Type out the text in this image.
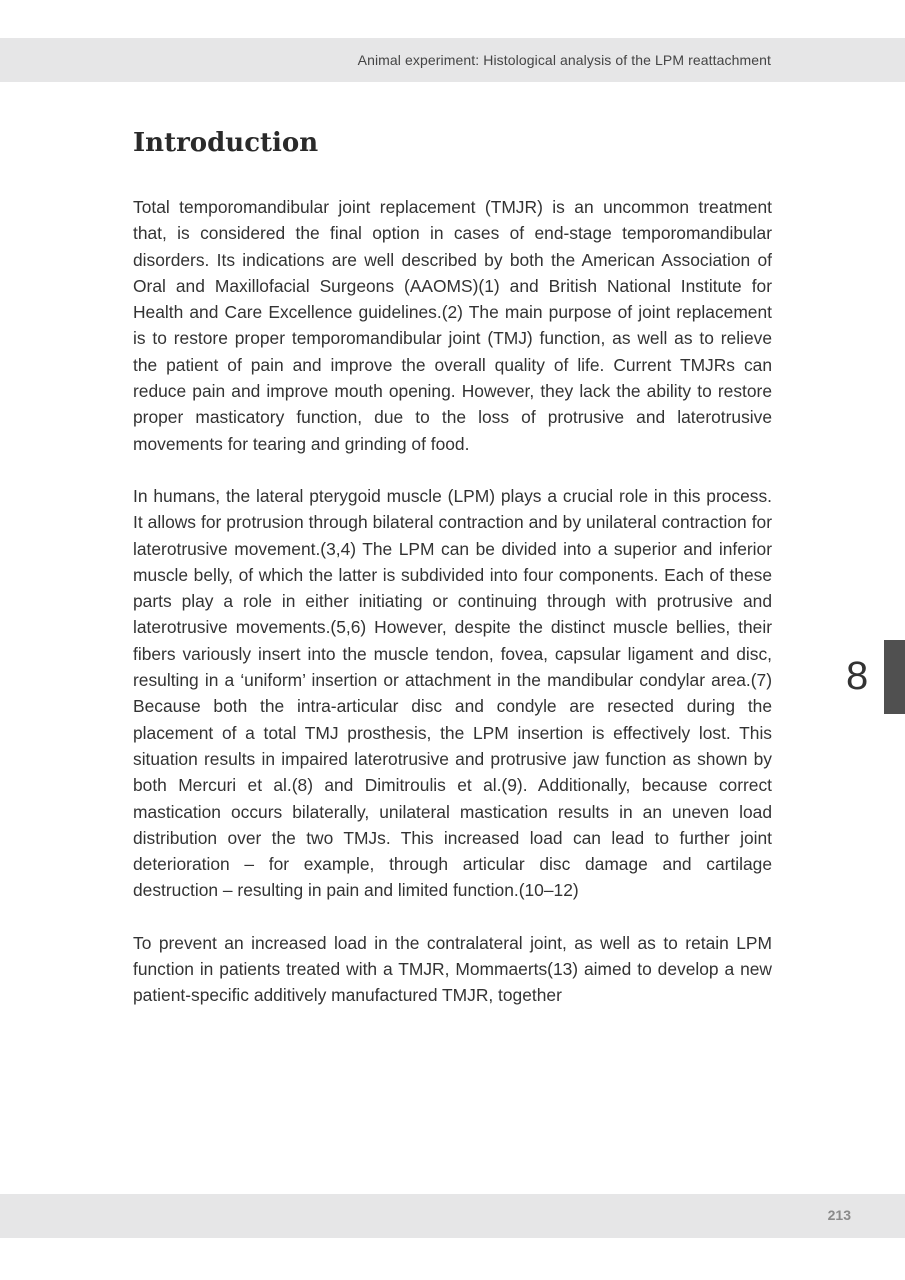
Animal experiment: Histological analysis of the LPM reattachment
Introduction

Total temporomandibular joint replacement (TMJR) is an uncommon treatment that, is considered the final option in cases of end-stage temporomandibular disorders. Its indications are well described by both the American Association of Oral and Maxillofacial Surgeons (AAOMS)(1) and British National Institute for Health and Care Excellence guidelines.(2) The main purpose of joint replacement is to restore proper temporomandibular joint (TMJ) function, as well as to relieve the patient of pain and improve the overall quality of life. Current TMJRs can reduce pain and improve mouth opening. However, they lack the ability to restore proper masticatory function, due to the loss of protrusive and laterotrusive movements for tearing and grinding of food.

In humans, the lateral pterygoid muscle (LPM) plays a crucial role in this process. It allows for protrusion through bilateral contraction and by unilateral contraction for laterotrusive movement.(3,4) The LPM can be divided into a superior and inferior muscle belly, of which the latter is subdivided into four components. Each of these parts play a role in either initiating or continuing through with protrusive and laterotrusive movements.(5,6) However, despite the distinct muscle bellies, their fibers variously insert into the muscle tendon, fovea, capsular ligament and disc, resulting in a ‘uniform’ insertion or attachment in the mandibular condylar area.(7) Because both the intra-articular disc and condyle are resected during the placement of a total TMJ prosthesis, the LPM insertion is effectively lost. This situation results in impaired laterotrusive and protrusive jaw function as shown by both Mercuri et al.(8) and Dimitroulis et al.(9). Additionally, because correct mastication occurs bilaterally, unilateral mastication results in an uneven load distribution over the two TMJs. This increased load can lead to further joint deterioration – for example, through articular disc damage and cartilage destruction – resulting in pain and limited function.(10–12)

To prevent an increased load in the contralateral joint, as well as to retain LPM function in patients treated with a TMJR, Mommaerts(13) aimed to develop a new patient-specific additively manufactured TMJR, together

8
213
